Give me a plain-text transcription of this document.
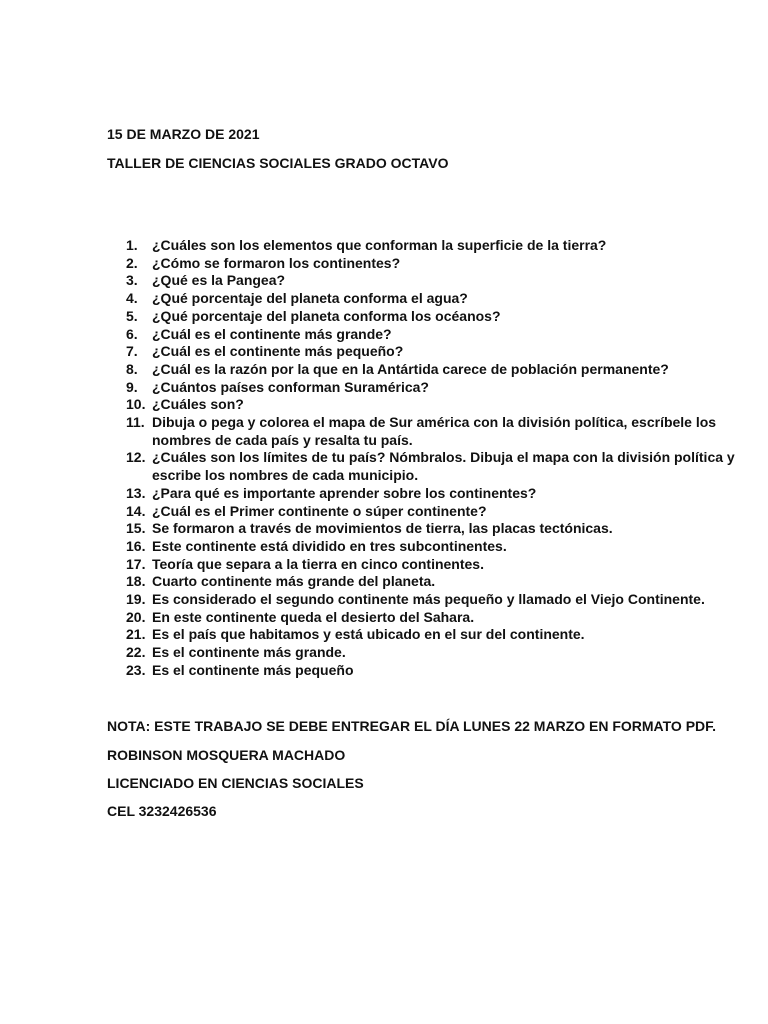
15 DE MARZO DE 2021
TALLER DE CIENCIAS SOCIALES GRADO OCTAVO
1. ¿Cuáles son los elementos que conforman la superficie de la tierra?
2. ¿Cómo se formaron los continentes?
3. ¿Qué es la Pangea?
4. ¿Qué porcentaje del planeta conforma el agua?
5. ¿Qué porcentaje del planeta conforma los océanos?
6. ¿Cuál es el continente más grande?
7. ¿Cuál es el continente más pequeño?
8. ¿Cuál es la razón por la que en la Antártida carece de población permanente?
9. ¿Cuántos países conforman Suramérica?
10. ¿Cuáles son?
11. Dibuja o pega y colorea el mapa de Sur américa con la división política, escríbele los nombres de cada país y resalta tu país.
12. ¿Cuáles son los límites de tu país? Nómbralos. Dibuja el mapa con la división política y escribe los nombres de cada municipio.
13. ¿Para qué es importante aprender sobre los continentes?
14. ¿Cuál es el Primer continente o súper continente?
15. Se formaron a través de movimientos de tierra, las placas tectónicas.
16. Este continente está dividido en tres subcontinentes.
17. Teoría que separa a la tierra en cinco continentes.
18. Cuarto continente más grande del planeta.
19. Es considerado el segundo continente más pequeño y llamado el Viejo Continente.
20. En este continente queda el desierto del Sahara.
21. Es el país que habitamos y está ubicado en el sur del continente.
22. Es el continente más grande.
23. Es el continente más pequeño
NOTA: ESTE TRABAJO SE DEBE ENTREGAR EL DÍA LUNES 22 MARZO EN FORMATO PDF.
ROBINSON MOSQUERA MACHADO
LICENCIADO EN CIENCIAS SOCIALES
CEL 3232426536
